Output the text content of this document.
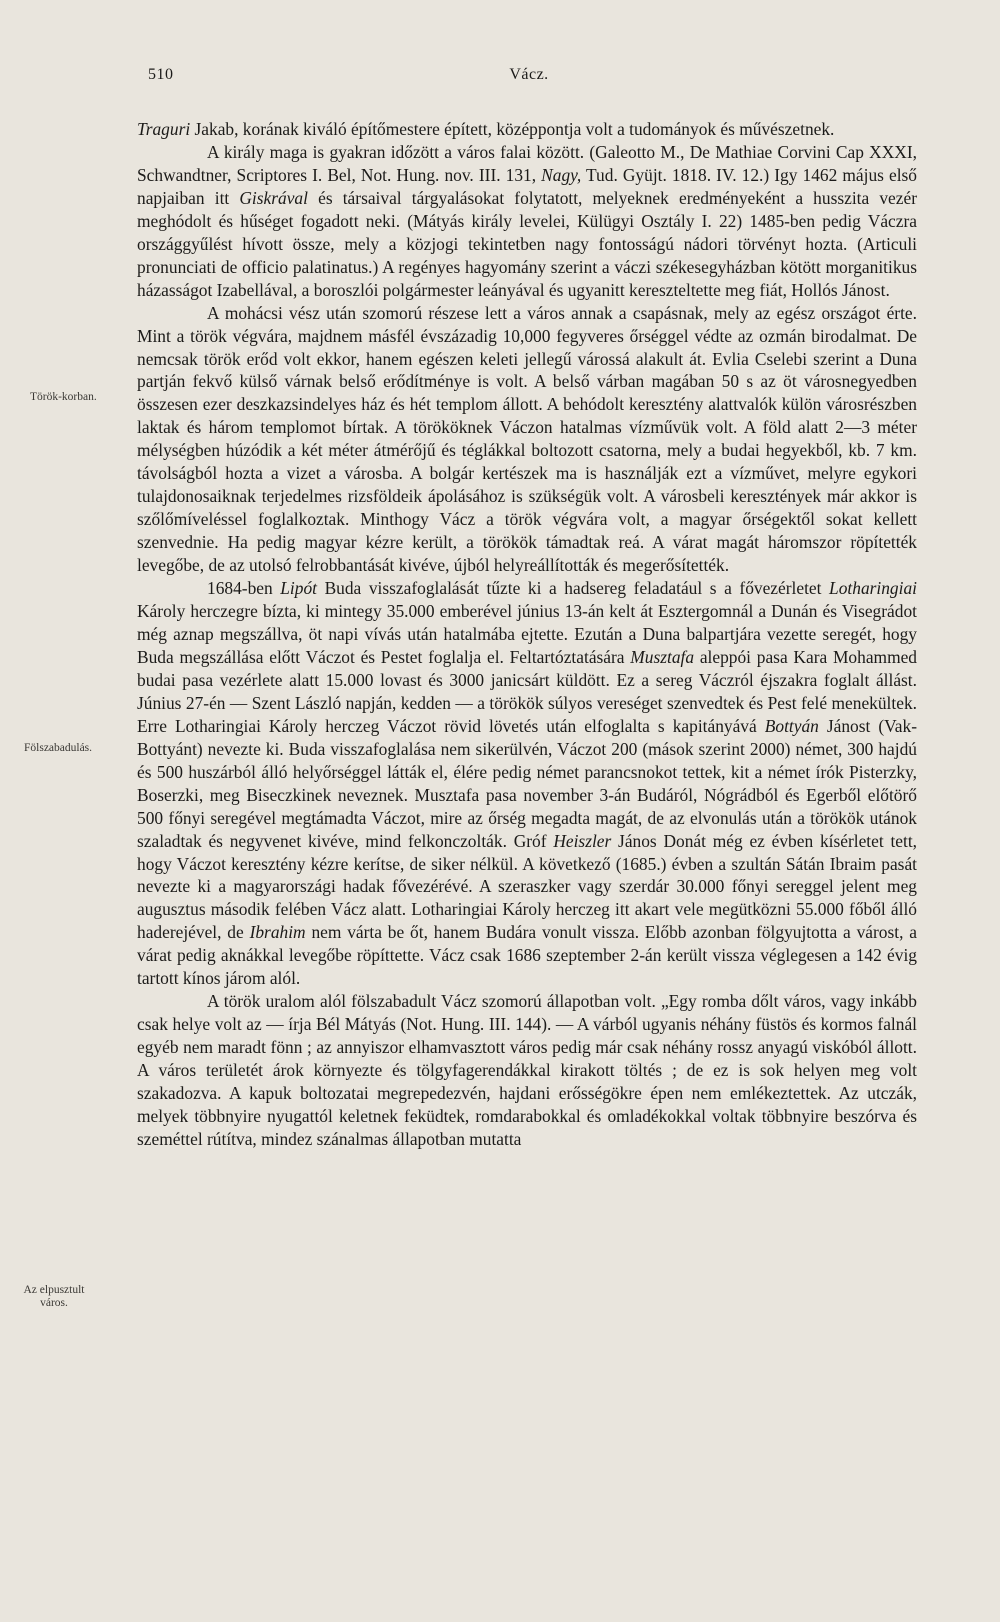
510	Vácz.
Török-korban.
Fölszabadulás.
Az elpusztult város.

Traguri Jakab, korának kiváló építőmestere épített, középpontja volt a tudományok és művészetnek.

A király maga is gyakran időzött a város falai között. (Galeotto M., De Mathiae Corvini Cap XXXI, Schwandtner, Scriptores I. Bel, Not. Hung. nov. III. 131, Nagy, Tud. Gyüjt. 1818. IV. 12.) Igy 1462 május első napjaiban itt Giskrával és társaival tárgyalásokat folytatott, melyeknek eredményeként a husszita vezér meghódolt és hűséget fogadott neki. (Mátyás király levelei, Külügyi Osztály I. 22) 1485-ben pedig Váczra országgyűlést hívott össze, mely a közjogi tekintetben nagy fontosságú nádori törvényt hozta. (Articuli pronunciati de officio palatinatus.) A regényes hagyomány szerint a váczi székesegyházban kötött morganitikus házasságot Izabellával, a boroszlói polgármester leányával és ugyanitt kereszteltette meg fiát, Hollós Jánost.

A mohácsi vész után szomorú részese lett a város annak a csapásnak, mely az egész országot érte. Mint a török végvára, majdnem másfél évszázadig 10,000 fegyveres őrséggel védte az ozmán birodalmat. De nemcsak török erőd volt ekkor, hanem egészen keleti jellegű várossá alakult át. Evlia Cselebi szerint a Duna partján fekvő külső várnak belső erődítménye is volt. A belső várban magában 50 s az öt városnegyedben összesen ezer deszkazsindelyes ház és hét templom állott. A behódolt keresztény alattvalók külön városrészben laktak és három templomot bírtak. A törököknek Váczon hatalmas vízművük volt. A föld alatt 2—3 méter mélységben húzódik a két méter átmérőjű és téglákkal boltozott csatorna, mely a budai hegyekből, kb. 7 km. távolságból hozta a vizet a városba. A bolgár kertészek ma is használják ezt a vízművet, melyre egykori tulajdonosaiknak terjedelmes rizsföldeik ápolásához is szükségük volt. A városbeli keresztények már akkor is szőlőmíveléssel foglalkoztak. Minthogy Vácz a török végvára volt, a magyar őrségektől sokat kellett szenvednie. Ha pedig magyar kézre került, a törökök támadtak reá. A várat magát háromszor röpítették levegőbe, de az utolsó felrobbantását kivéve, újból helyreállították és megerősítették.

1684-ben Lipót Buda visszafoglalását tűzte ki a hadsereg feladatául s a fővezérletet Lotharingiai Károly herczegre bízta, ki mintegy 35.000 emberével június 13-án kelt át Esztergomnál a Dunán és Visegrádot még aznap megszállva, öt napi vívás után hatalmába ejtette. Ezután a Duna balpartjára vezette seregét, hogy Buda megszállása előtt Váczot és Pestet foglalja el. Feltartóztatására Musztafa aleppói pasa Kara Mohammed budai pasa vezérlete alatt 15.000 lovast és 3000 janicsárt küldött. Ez a sereg Váczról éjszakra foglalt állást. Június 27-én — Szent László napján, kedden — a törökök súlyos vereséget szenvedtek és Pest felé menekültek. Erre Lotharingiai Károly herczeg Váczot rövid lövetés után elfoglalta s kapitányává Bottyán Jánost (Vak-Bottyánt) nevezte ki. Buda visszafoglalása nem sikerülvén, Váczot 200 (mások szerint 2000) német, 300 hajdú és 500 huszárból álló helyőrséggel látták el, élére pedig német parancsnokot tettek, kit a német írók Pisterzky, Boserzki, meg Biseczkinek neveznek. Musztafa pasa november 3-án Budáról, Nógrádból és Egerből előtörő 500 főnyi seregével megtámadta Váczot, mire az őrség megadta magát, de az elvonulás után a törökök utánok szaladtak és negyvenet kivéve, mind felkonczolták. Gróf Heiszler János Donát még ez évben kísérletet tett, hogy Váczot keresztény kézre kerítse, de siker nélkül. A következő (1685.) évben a szultán Sátán Ibraim pasát nevezte ki a magyarországi hadak fővezérévé. A szeraszker vagy szerdár 30.000 főnyi sereggel jelent meg augusztus második felében Vácz alatt. Lotharingiai Károly herczeg itt akart vele megütközni 55.000 főből álló haderejével, de Ibrahim nem várta be őt, hanem Budára vonult vissza. Előbb azonban fölgyujtotta a várost, a várat pedig aknákkal levegőbe röpíttette. Vácz csak 1686 szeptember 2-án került vissza véglegesen a 142 évig tartott kínos járom alól.

A török uralom alól fölszabadult Vácz szomorú állapotban volt. „Egy romba dőlt város, vagy inkább csak helye volt az — írja Bél Mátyás (Not. Hung. III. 144). — A várból ugyanis néhány füstös és kormos falnál egyéb nem maradt fönn ; az annyiszor elhamvasztott város pedig már csak néhány rossz anyagú viskóból állott. A város területét árok környezte és tölgyfagerendákkal kirakott töltés ; de ez is sok helyen meg volt szakadozva. A kapuk boltozatai megrepedezvén, hajdani erősségökre épen nem emlékeztettek. Az utczák, melyek többnyire nyugattól keletnek feküdtek, romdarabokkal és omladékokkal voltak többnyire beszórva és szeméttel rútítva, mindez szánalmas állapotban mutatta
